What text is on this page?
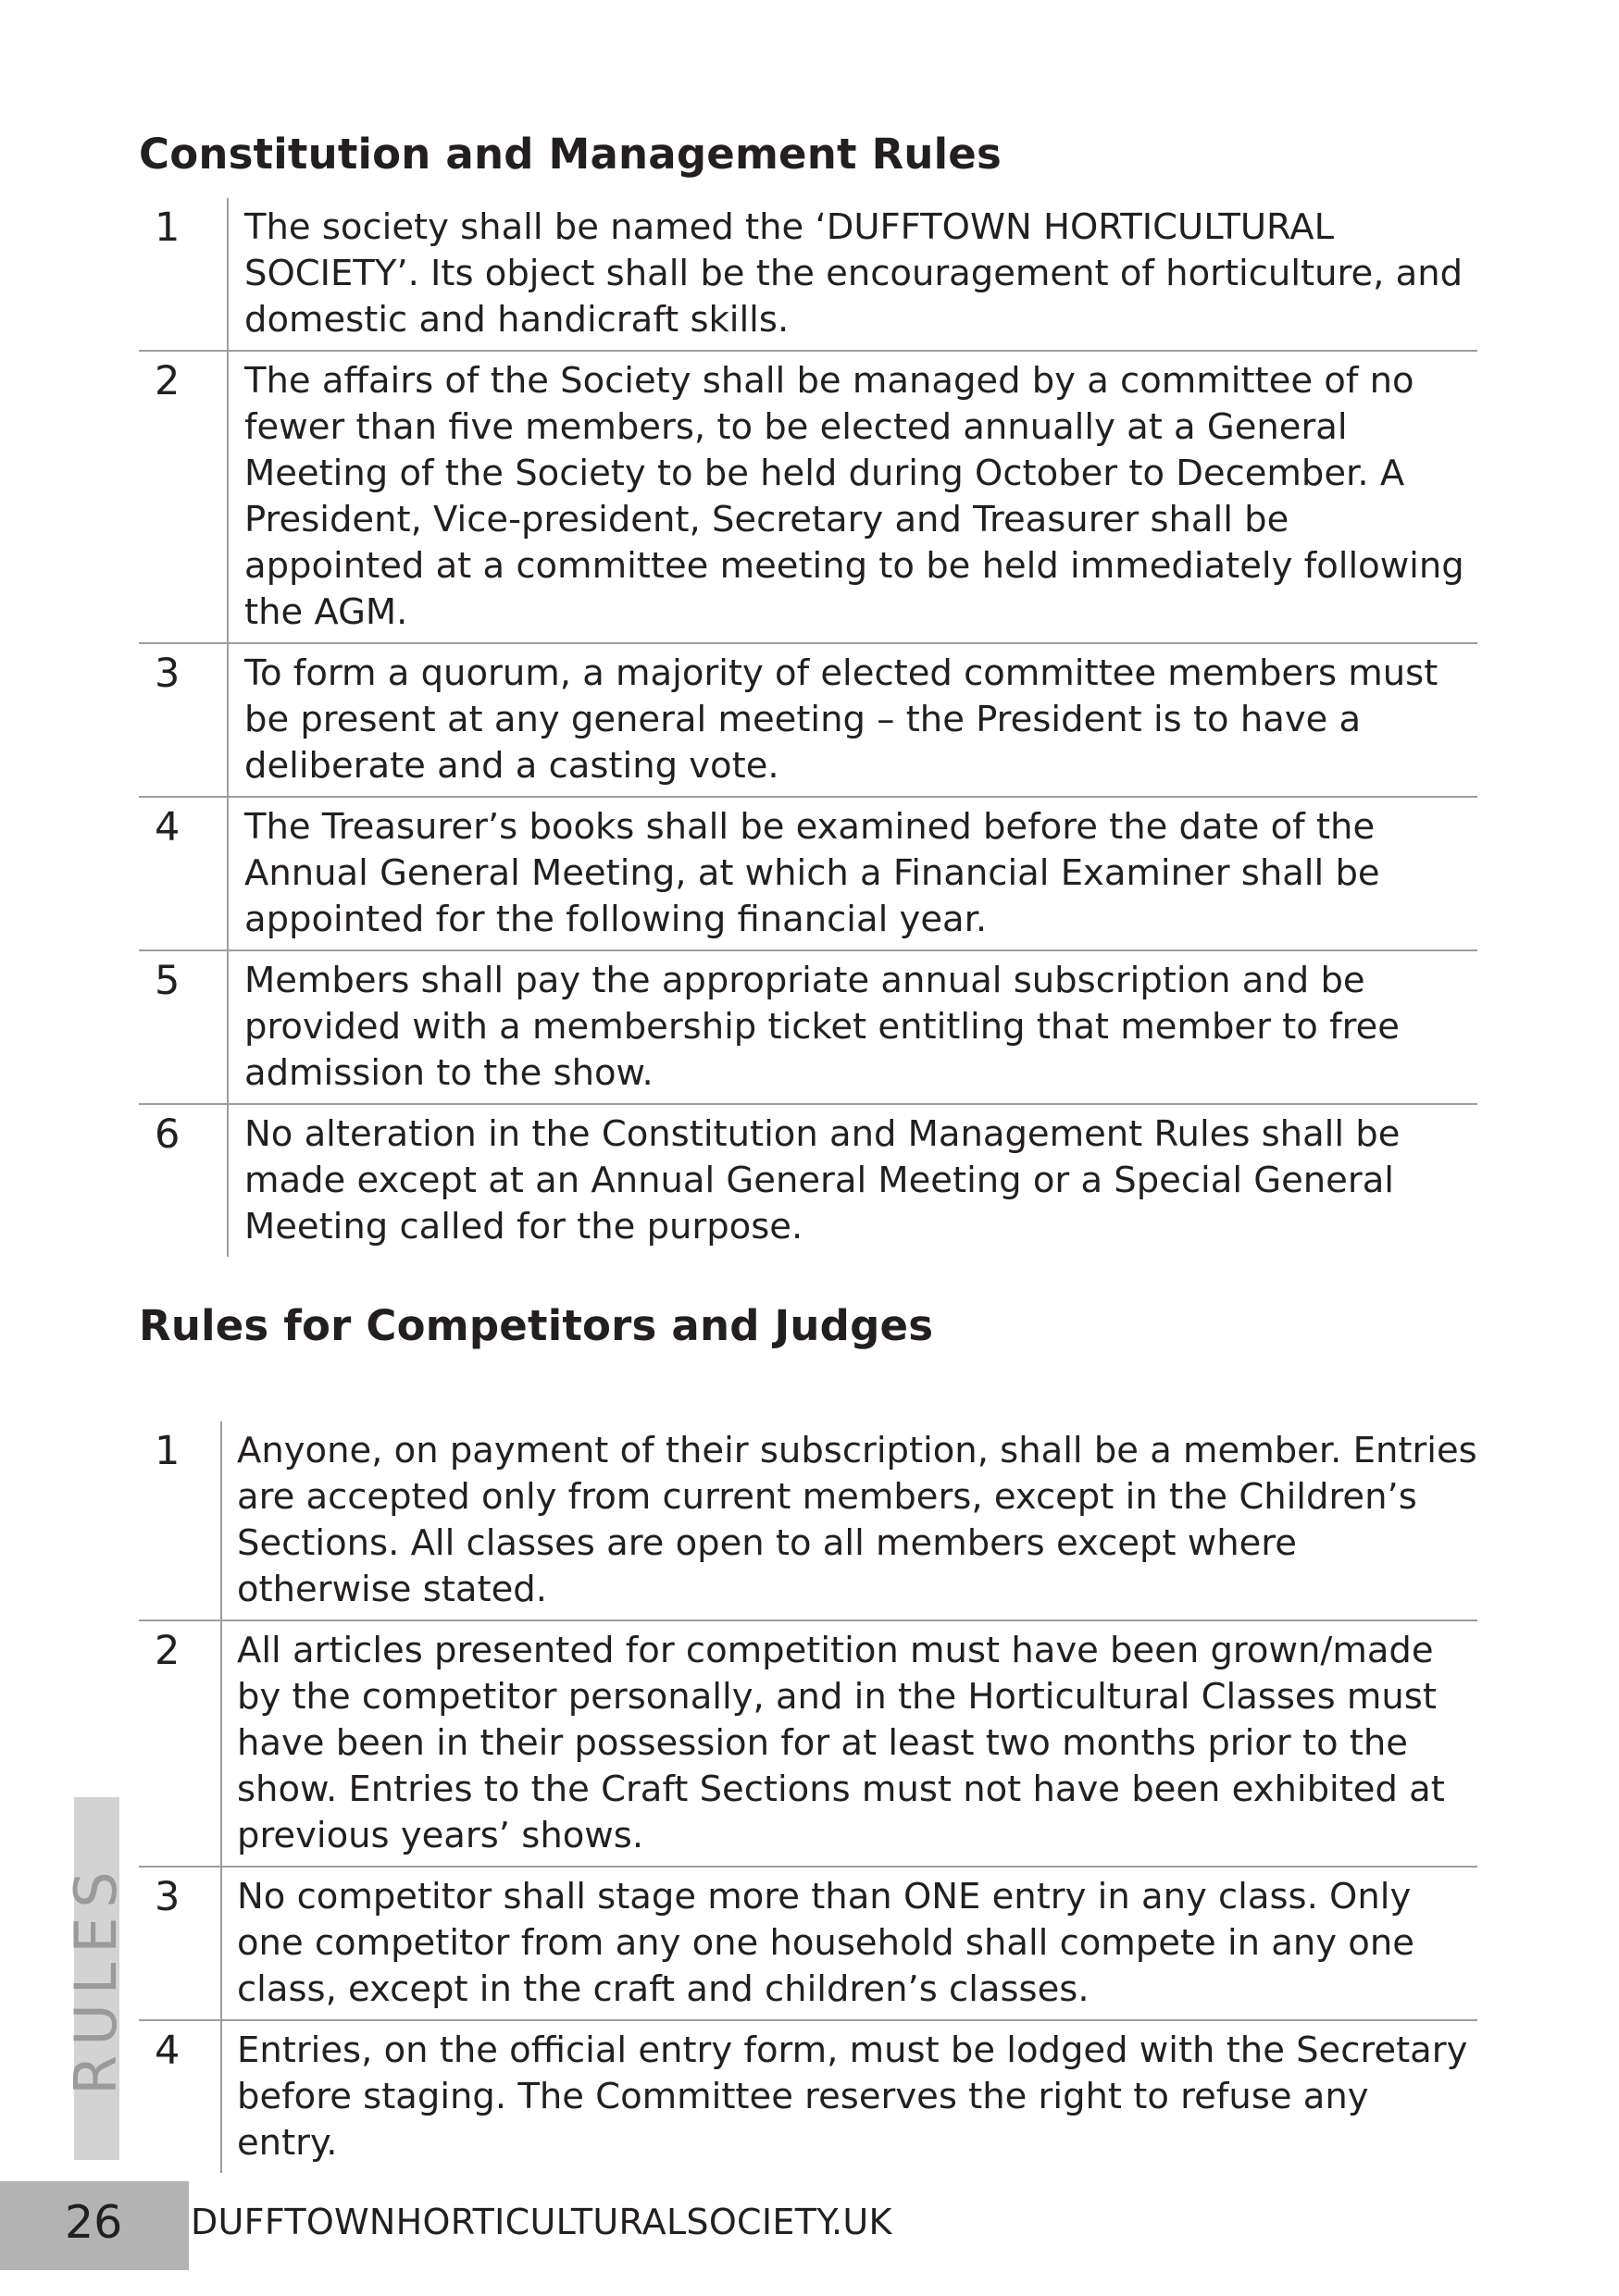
Constitution and Management Rules
1	The society shall be named the ‘DUFFTOWN HORTICULTURAL SOCIETY’. Its object shall be the encouragement of horticulture, and domestic and handicraft skills.
2	The affairs of the Society shall be managed by a committee of no fewer than five members, to be elected annually at a General Meeting of the Society to be held during October to December. A President, Vice-president, Secretary and Treasurer shall be appointed at a committee meeting to be held immediately following the AGM.
3	To form a quorum, a majority of elected committee members must be present at any general meeting – the President is to have a deliberate and a casting vote.
4	The Treasurer’s books shall be examined before the date of the Annual General Meeting, at which a Financial Examiner shall be appointed for the following financial year.
5	Members shall pay the appropriate annual subscription and be provided with a membership ticket entitling that member to free admission to the show.
6	No alteration in the Constitution and Management Rules shall be made except at an Annual General Meeting or a Special General Meeting called for the purpose.
Rules for Competitors and Judges
1	Anyone, on payment of their subscription, shall be a member. Entries are accepted only from current members, except in the Children’s Sections. All classes are open to all members except where otherwise stated.
2	All articles presented for competition must have been grown/made by the competitor personally, and in the Horticultural Classes must have been in their possession for at least two months prior to the show. Entries to the Craft Sections must not have been exhibited at previous years’ shows.
3	No competitor shall stage more than ONE entry in any class. Only one competitor from any one household shall compete in any one class, except in the craft and children’s classes.
4	Entries, on the official entry form, must be lodged with the Secretary before staging. The Committee reserves the right to refuse any entry.
RULES
26 DUFFTOWNHORTICULTURALSOCIETY.UK
